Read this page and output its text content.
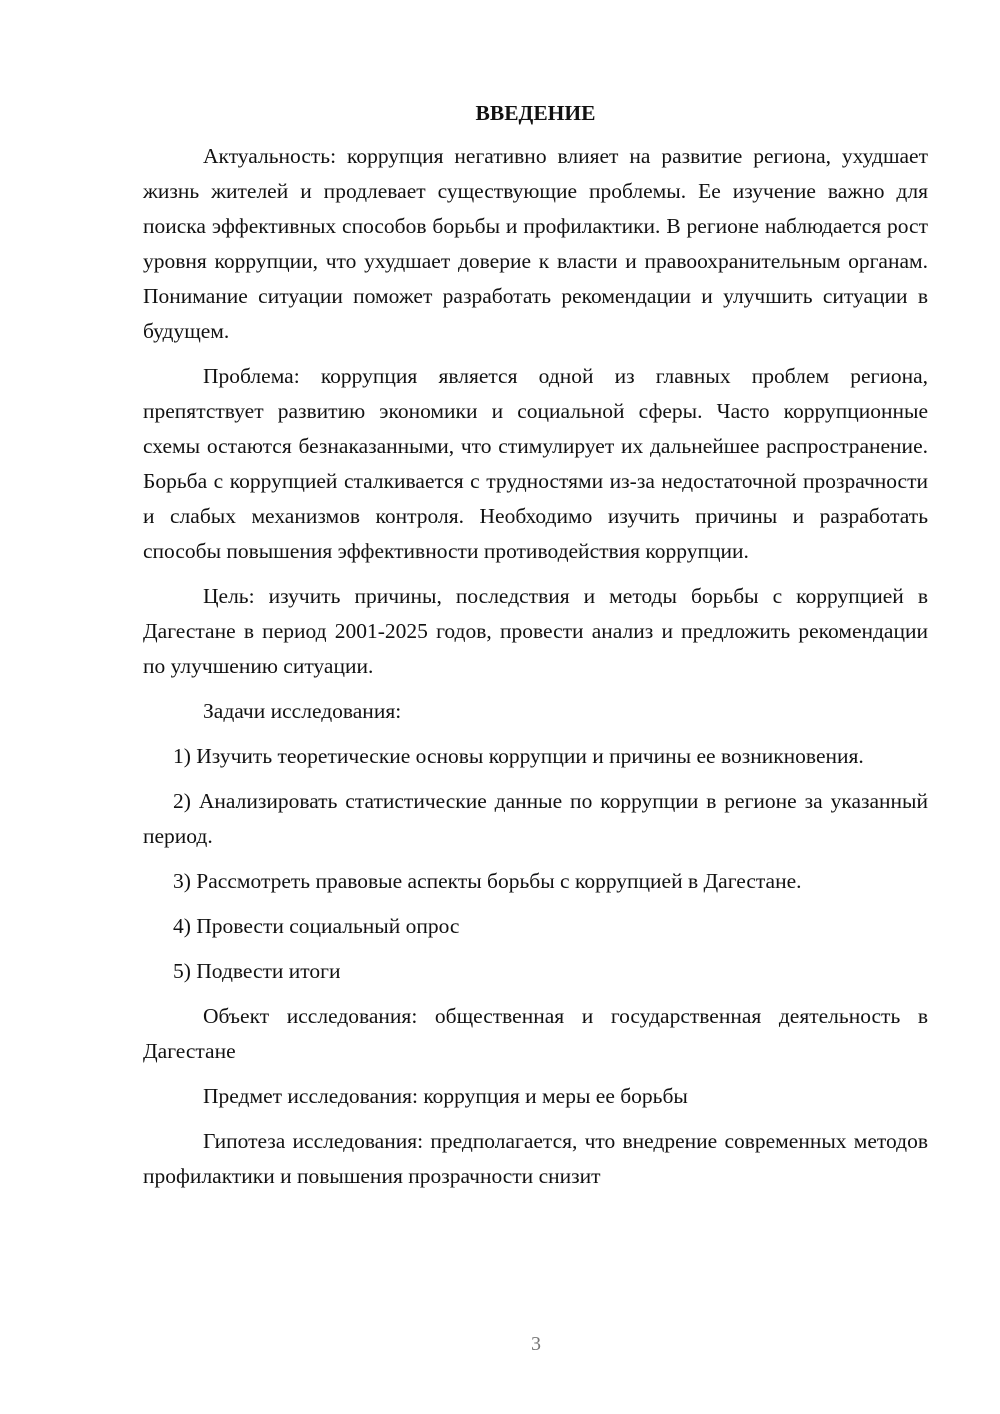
ВВЕДЕНИЕ

Актуальность: коррупция негативно влияет на развитие региона, ухудшает жизнь жителей и продлевает существующие проблемы. Ее изучение важно для поиска эффективных способов борьбы и профилактики. В регионе наблюдается рост уровня коррупции, что ухудшает доверие к власти и правоохранительным органам. Понимание ситуации поможет разработать рекомендации и улучшить ситуации в будущем.

Проблема: коррупция является одной из главных проблем региона, препятствует развитию экономики и социальной сферы. Часто коррупционные схемы остаются безнаказанными, что стимулирует их дальнейшее распространение. Борьба с коррупцией сталкивается с трудностями из-за недостаточной прозрачности и слабых механизмов контроля. Необходимо изучить причины и разработать способы повышения эффективности противодействия коррупции.

Цель: изучить причины, последствия и методы борьбы с коррупцией в Дагестане в период 2001-2025 годов, провести анализ и предложить рекомендации по улучшению ситуации.

Задачи исследования:

1) Изучить теоретические основы коррупции и причины ее возникновения.

2) Анализировать статистические данные по коррупции в регионе за указанный период.

3) Рассмотреть правовые аспекты борьбы с коррупцией в Дагестане.

4) Провести социальный опрос

5) Подвести итоги

Объект исследования: общественная и государственная деятельность в Дагестане

Предмет исследования: коррупция и меры ее борьбы

Гипотеза исследования: предполагается, что внедрение современных методов профилактики и повышения прозрачности снизит

3
